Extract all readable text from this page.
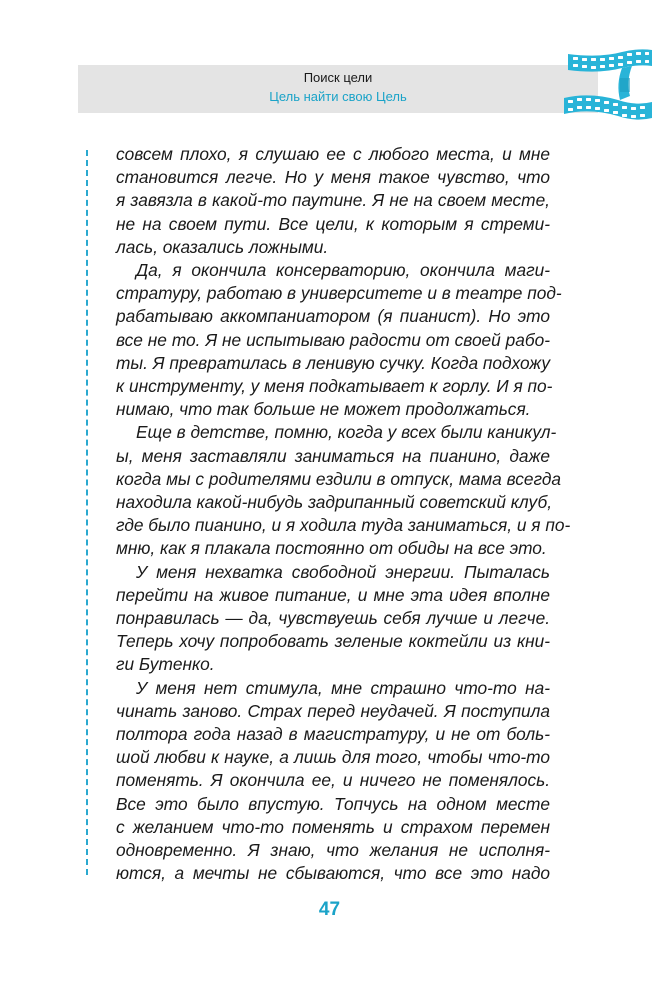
Поиск цели
Цель найти свою Цель
совсем плохо, я слушаю ее с любого места, и мне
становится легче. Но у меня такое чувство, что
я завязла в какой-то паутине. Я не на своем месте,
не на своем пути. Все цели, к которым я стреми-
лась, оказались ложными.
Да, я окончила консерваторию, окончила маги-
стратуру, работаю в университете и в театре под-
рабатываю аккомпаниатором (я пианист). Но это
все не то. Я не испытываю радости от своей рабо-
ты. Я превратилась в ленивую сучку. Когда подхожу
к инструменту, у меня подкатывает к горлу. И я по-
нимаю, что так больше не может продолжаться.
Еще в детстве, помню, когда у всех были каникул-
ы, меня заставляли заниматься на пианино, даже
когда мы с родителями ездили в отпуск, мама всегда
находила какой-нибудь задрипанный советский клуб,
где было пианино, и я ходила туда заниматься, и я по-
мню, как я плакала постоянно от обиды на все это.
У меня нехватка свободной энергии. Пыталась
перейти на живое питание, и мне эта идея вполне
понравилась — да, чувствуешь себя лучше и легче.
Теперь хочу попробовать зеленые коктейли из кни-
ги Бутенко.
У меня нет стимула, мне страшно что-то на-
чинать заново. Страх перед неудачей. Я поступила
полтора года назад в магистратуру, и не от боль-
шой любви к науке, а лишь для того, чтобы что-то
поменять. Я окончила ее, и ничего не поменялось.
Все это было впустую. Топчусь на одном месте
с желанием что-то поменять и страхом перемен
одновременно. Я знаю, что желания не исполня-
ются, а мечты не сбываются, что все это надо
47
